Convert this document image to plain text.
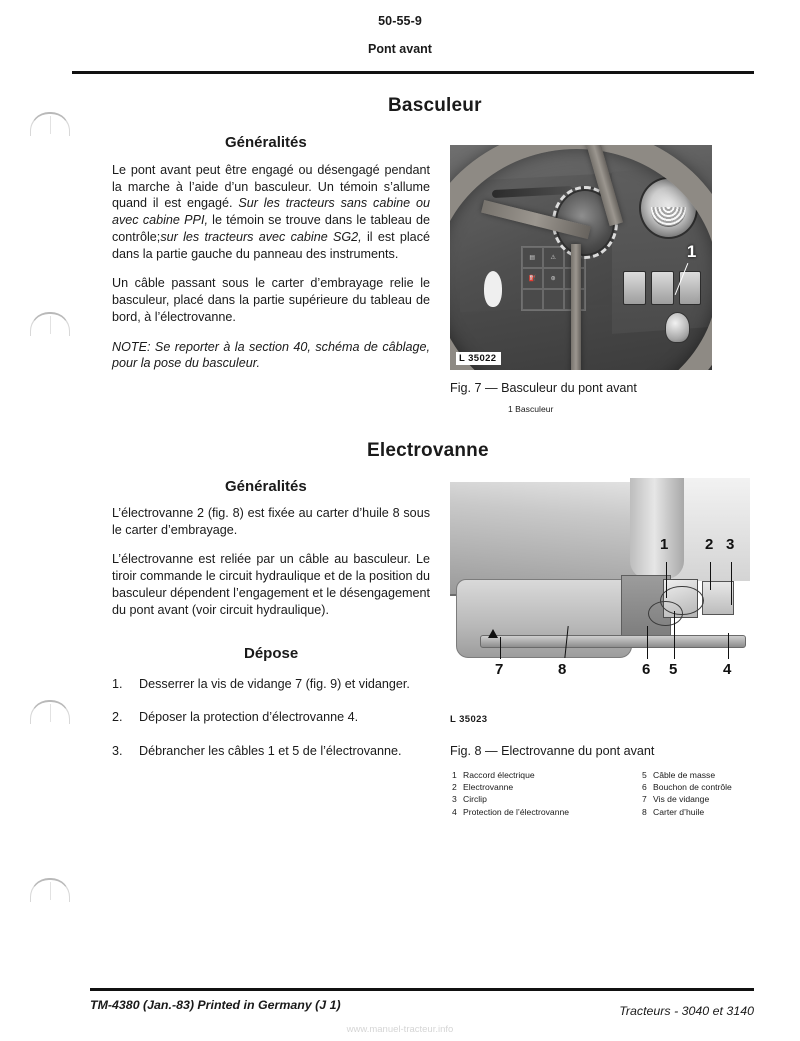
50-55-9
Pont avant
Basculeur
Généralités

Le pont avant peut être engagé ou désengagé pendant la marche à l’aide d’un basculeur. Un témoin s’allume quand il est engagé. Sur les tracteurs sans cabine ou avec cabine PPI, le témoin se trouve dans le tableau de contrôle;sur les tracteurs avec cabine SG2, il est placé dans la partie gauche du panneau des instruments.

Un câble passant sous le carter d’embrayage relie le basculeur, placé dans la partie supérieure du tableau de bord, à l’électrovanne.

NOTE: Se reporter à la section 40, schéma de câblage, pour la pose du basculeur.

▤	⚠
⛽	⊛
1
L 35022
Fig. 7 — Basculeur du pont avant
1 Basculeur
Electrovanne
Généralités

L’électrovanne 2 (fig. 8) est fixée au carter d’huile 8 sous le carter d’embrayage.

L’électrovanne est reliée par un câble au basculeur. Le tiroir commande le circuit hydraulique et de la position du basculeur dépendent l’engagement et le désengagement du pont avant (voir circuit hydraulique).

Dépose
1.	Desserrer la vis de vidange 7 (fig. 9) et vidanger.
2.	Déposer la protection d’électrovanne 4.
3.	Débrancher les câbles 1 et 5 de l’électrovanne.
1 2 3
4
5
6
7	8
L 35023
Fig. 8 — Electrovanne du pont avant
1 Raccord électrique	5 Câble de masse
2 Electrovanne	6 Bouchon de contrôle
3 Circlip	7 Vis de vidange
4 Protection de l’électrovanne	8 Carter d’huile
TM-4380 (Jan.-83) Printed in Germany (J 1)	Tracteurs - 3040 et 3140
www.manuel-tracteur.info
